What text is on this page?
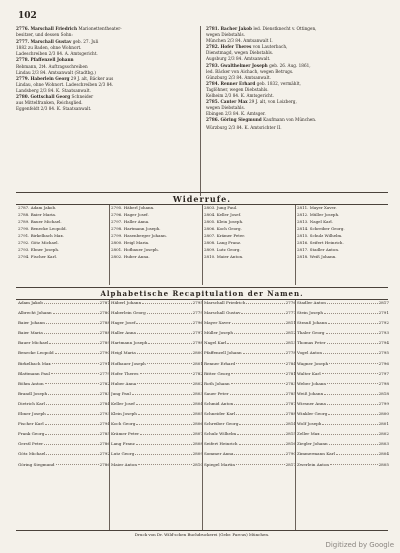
102
2776. Marschall Friedrich Marionettentheater-
besitzer, und dessen Sohn:
2777. Marschall Gustav geb. 27. Juli
1882 zu Baden, ohne Wohnort.
Ladeschreiben 2/3 84. A. Amtsgericht.
2778. Pfaffenzell Johann
Rebmann, 2t4. Auftragsschreiben
Lindau 2/3 84. Amtsanwalt (Stadtbg.)
2779. Haberlein Georg 29 J. alt, Bäcker aus
Lindau, ohne Wohnort. Ladeschreiben 2/3 84.
Landsberg 2/3 84. K. Staatsanwalt.
2780. Gottschall Georg Schneider
aus Mittelfranken, Reichsglied.
Eggenfeldt 2/3 84. K. Staatsanwalt.
2781. Bacher Jakob led. Dienstknecht v. Ottingen,
wegen Diebstahls.
München 2/3 84. Amtsanwalt I.
2782. Hofer Theres von Lauterbach,
Dienstmagd, wegen Diebstahls.
Augsburg 2/3 84. Amtsanwalt.
2783. Gwalthelmer Joseph geb. 26. Aug. 1861,
led. Bäcker von Aichach, wegen Betrugs.
Günzburg 2/3 84. Amtsanwalt.
2784. Renner Erhard geb. 1832, vermählt,
Taglöhner, wegen Diebstahls.
Kelheim 2/3 84. K. Amtsgericht.
2785. Canter Max 29 J. alt, von Loizberg,
wegen Diebstahls.
Ebingen 2/3 84. K. Amtsger.
2786. Göring Siegmund Kaufmann von München.
Würzburg 2/3 84. K. Amtsrichter II.
Widerrufe.
2787. Adam Jakob.
2788. Baier Maria.
2789. Bauer Michael.
2790. Benecke Leopold.
2791. Birkelbach Max.
2792. Götz Michael.
2793. Ebner Joseph.
2794. Fischer Karl.
2795. Häberl Johann.
2796. Hager Josef.
2797. Haller Anna.
2798. Hartmann Joseph.
2799. Hasenberger Johann.
2800. Heigl Maria.
2801. Hofbauer Joseph.
2802. Huber Anna.
2803. Jung Paul.
2804. Keller Josef.
2805. Klein Joseph.
2806. Koch Georg.
2807. Krämer Peter.
2808. Lang Franz.
2809. Lutz Georg.
2810. Maier Anton.
2811. Mayer Xaver.
2812. Müller Joseph.
2813. Nagel Karl.
2814. Schreiber Georg.
2815. Schulz Wilhelm.
2816. Seifert Heinrich.
2817. Stadler Anton.
2818. Weiß Johann.
Alphabetische Recapitulation der Namen.
Adam Jakob	2787

Albrecht Johann	2780

Baier Johann	2788

Baier Maria	2788

Bauer Michael	2789

Benecke Leopold	2790

Birkelbach Max	2791

Blattmann Paul	2779

Böhm Anton	2782

Brandl Joseph	2783

Dietrich Karl	2784

Ebner Joseph	2793

Fischer Karl	2794

Frank Georg	2785

Gerstl Peter	2786

Götz Michael	2792

Göring Siegmund	2786

Häberl Johann	2795

Haberlein Georg	2779

Hager Josef	2796

Haller Anna	2797

Hartmann Joseph	2798

Heigl Maria	2800

Hofbauer Joseph	2801

Hofer Theres	2782

Huber Anna	2802

Jung Paul	2803

Keller Josef	2804

Klein Joseph	2805

Koch Georg	2806

Krämer Peter	2807

Lang Franz	2808

Lutz Georg	2809

Maier Anton	2810

Marschall Friedrich	2776

Marschall Gustav	2777

Mayer Xaver	2811

Müller Joseph	2812

Nagel Karl	2813

Pfaffenzell Johann	2778

Renner Erhard	2784

Ritter Georg	2781

Roth Johann	2783

Sauer Peter	2785

Schmid Anton	2787

Schneider Karl	2788

Schreiber Georg	2814

Schulz Wilhelm	2815

Seifert Heinrich	2816

Sommer Anna	2790

Spiegel Martin	2817

Stadler Anton	2817

Stein Joseph	2791

Strauß Johann	2792

Thaler Georg	2793

Thomas Peter	2794

Vogel Anton	2795

Wagner Joseph	2796

Walter Karl	2797

Weber Johann	2798

Weiß Johann	2818

Wiesner Anna	2799

Winkler Georg	2800

Wolf Joseph	2801

Zeller Max	2802

Ziegler Johann	2803

Zimmermann Karl	2804

Zwerlein Anton	2805

Druck von Dr. Wild'schen Buchdruckerei (Gebr. Parcus) München.
Digitized by Google
